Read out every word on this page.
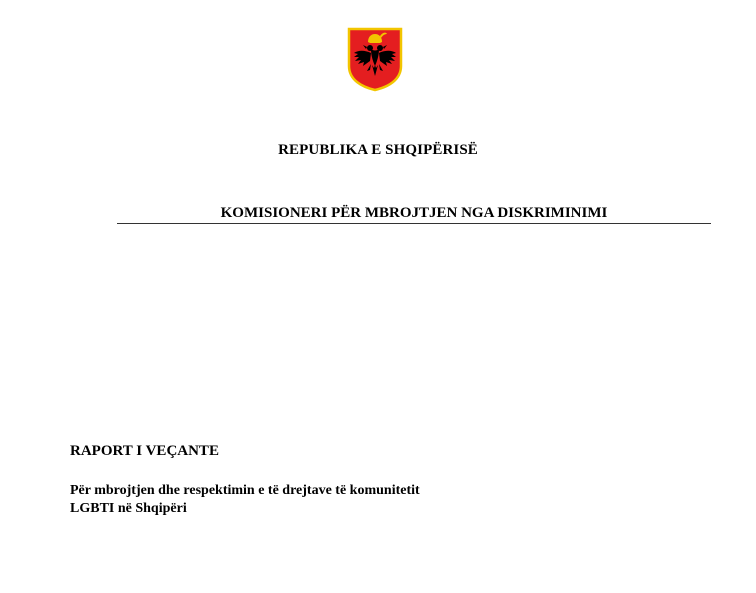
REPUBLIKA E SHQIPËRISË
KOMISIONERI PËR MBROJTJEN NGA DISKRIMINIMI
RAPORT I VEÇANTE
Për mbrojtjen dhe respektimin e të drejtave të komunitetit
LGBTI në Shqipëri
